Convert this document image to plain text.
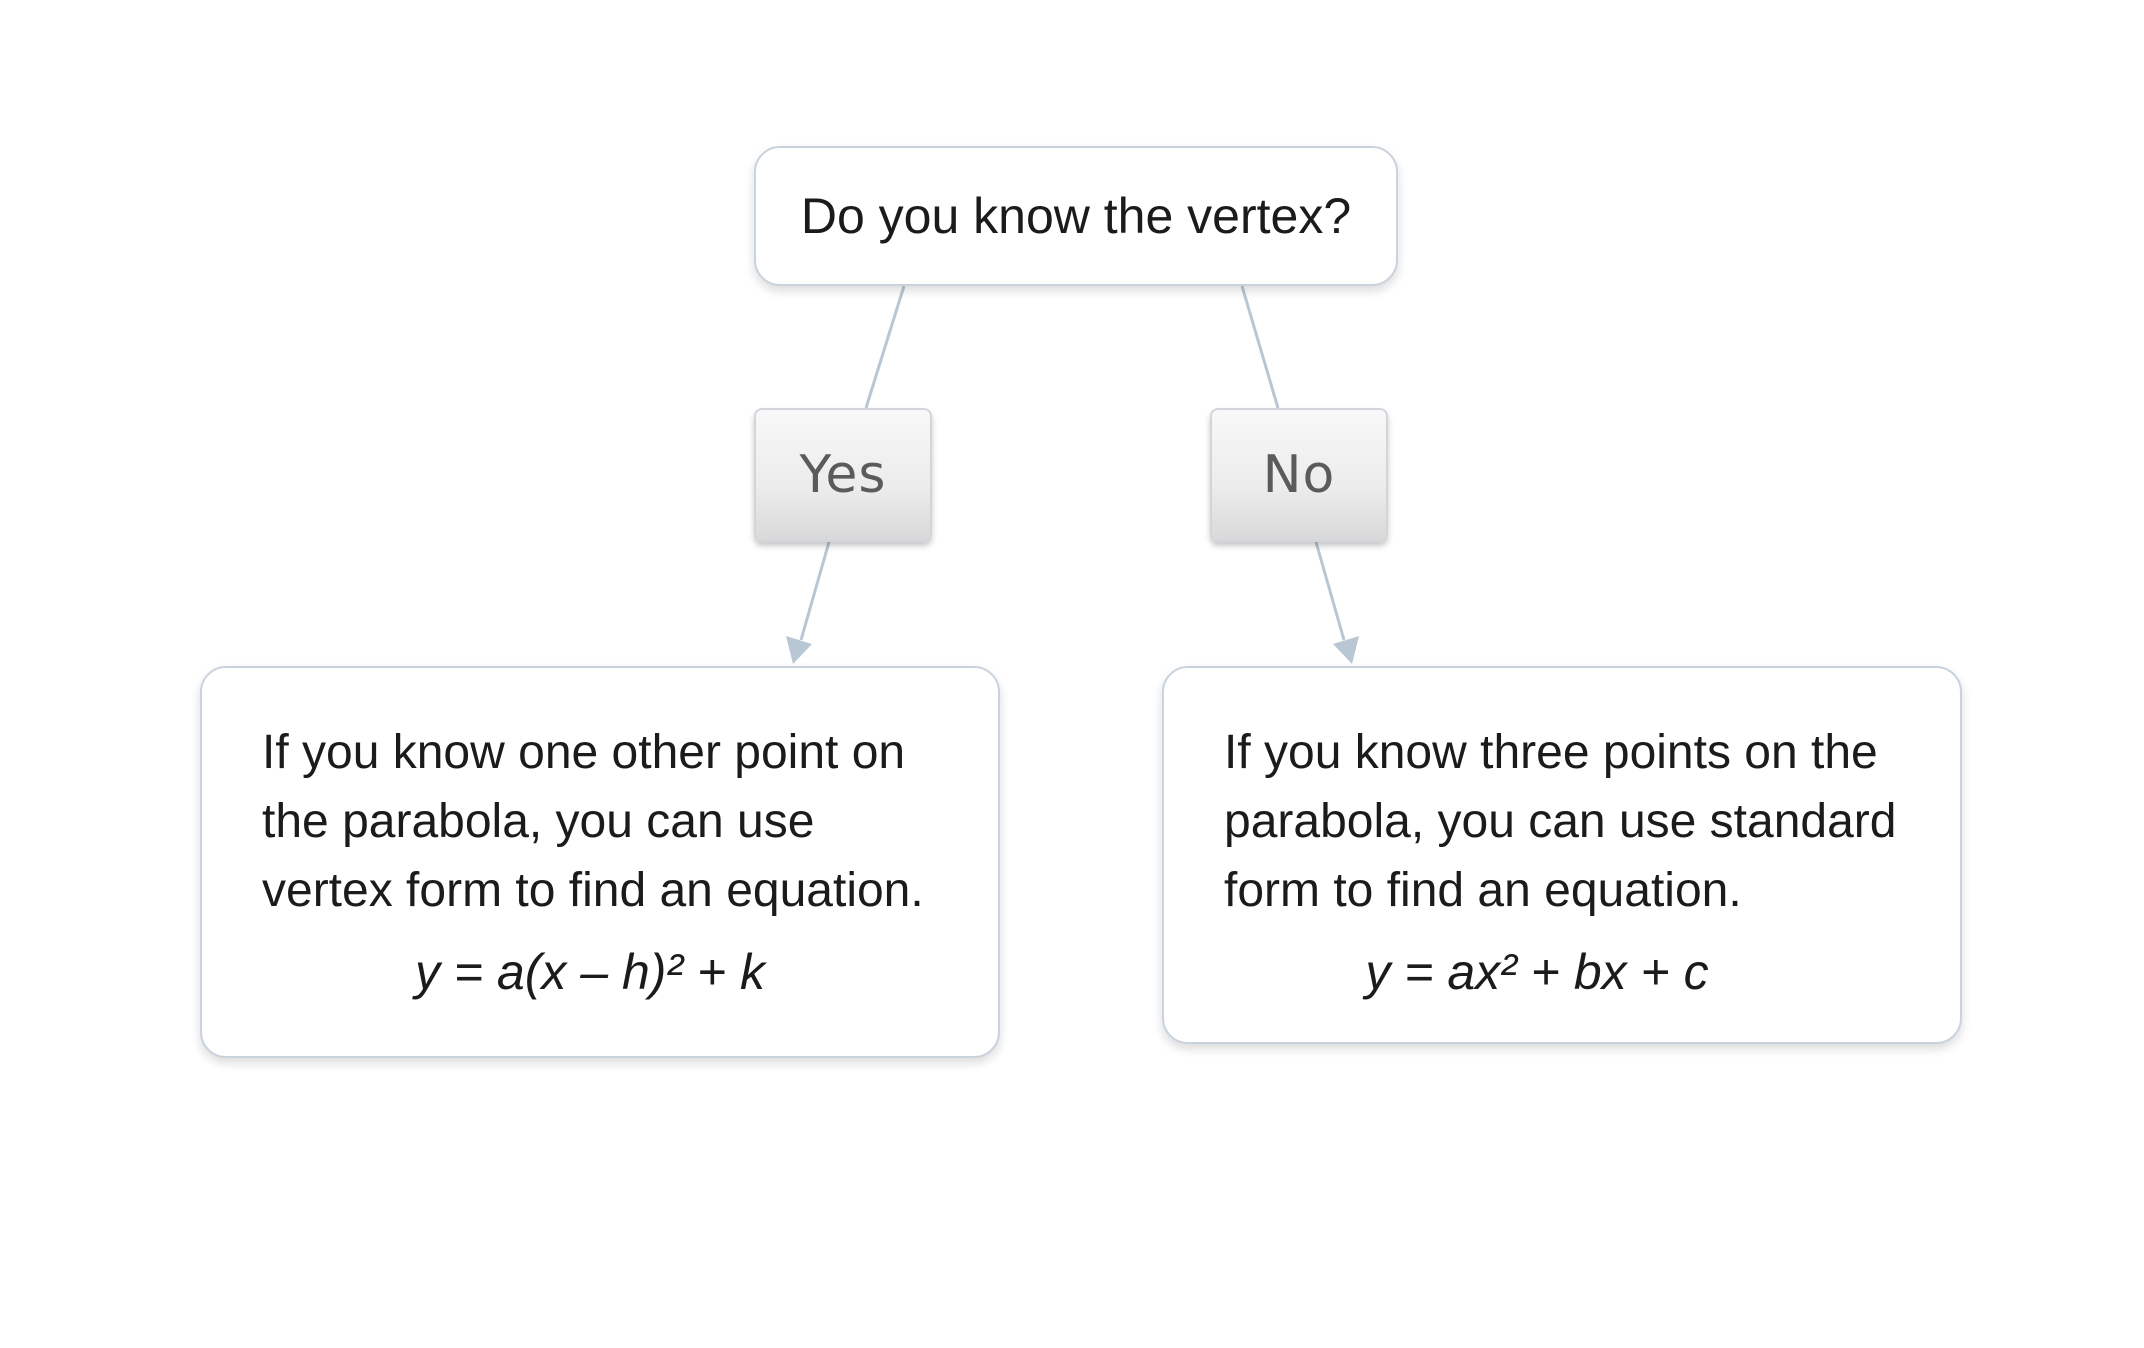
Do you know the vertex?
Yes	No
If you know one other point on
the parabola, you can use
vertex form to find an equation.
y = a(x – h)² + k
If you know three points on the
parabola, you can use standard
form to find an equation.
y = ax² + bx + c
